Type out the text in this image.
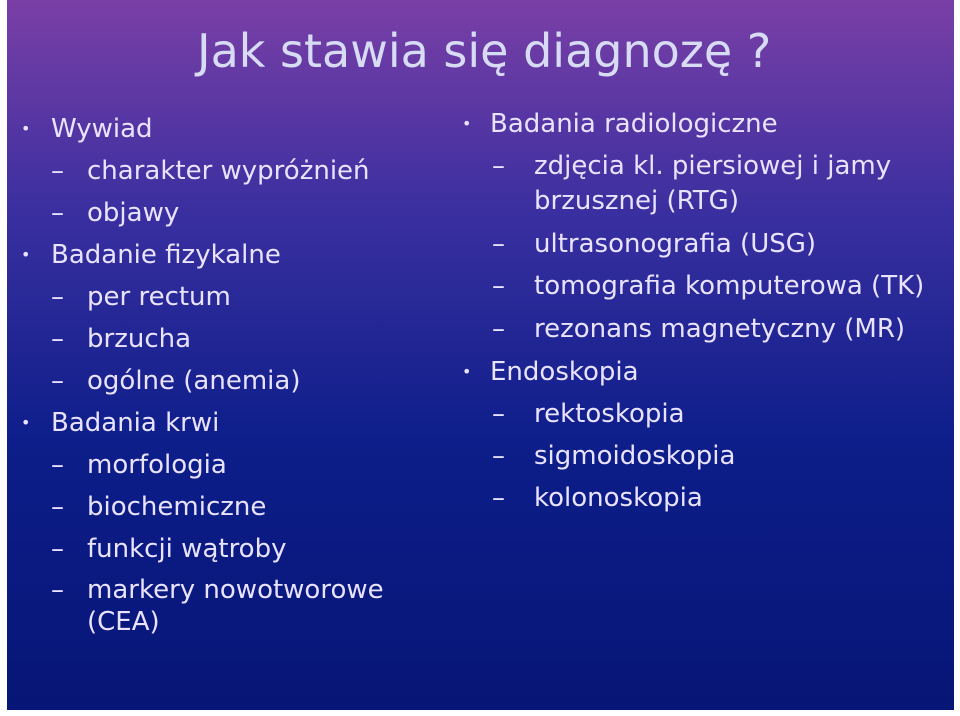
Jak stawia się diagnozę ?
• Wywiad
– charakter wypróżnień
– objawy
• Badanie fizykalne
– per rectum
– brzucha
– ogólne (anemia)
• Badania krwi
– morfologia
– biochemiczne
– funkcji wątroby
– markery nowotworowe (CEA)
• Badania radiologiczne
– zdjęcia kl. piersiowej i jamy brzusznej (RTG)
– ultrasonografia (USG)
– tomografia komputerowa (TK)
– rezonans magnetyczny (MR)
• Endoskopia
– rektoskopia
– sigmoidoskopia
– kolonoskopia
